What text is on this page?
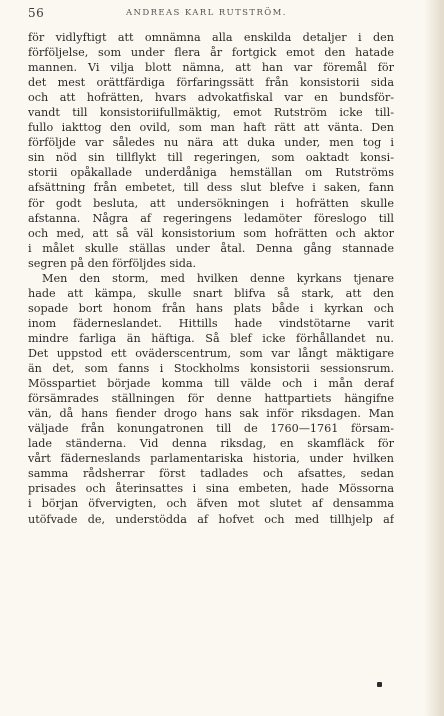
56	ANDREAS KARL RUTSTRÖM.
för vidlyftigt att omnämna alla enskilda detaljer i den
förföljelse, som under flera år fortgick emot den hatade
mannen. Vi vilja blott nämna, att han var föremål för
det mest orättfärdiga förfaringssätt från konsistorii sida
och att hofrätten, hvars advokatfiskal var en bundsför-
vandt till konsistoriifullmäktig, emot Rutström icke till-
fullo iakttog den ovild, som man haft rätt att vänta. Den
förföljde var således nu nära att duka under, men tog i
sin nöd sin tillflykt till regeringen, som oaktadt konsi-
storii opåkallade underdåniga hemställan om Rutströms
afsättning från embetet, till dess slut blefve i saken, fann
för godt besluta, att undersökningen i hofrätten skulle
afstanna. Några af regeringens ledamöter föreslogo till
och med, att så väl konsistorium som hofrätten och aktor
i målet skulle ställas under åtal. Denna gång stannade
segren på den förföljdes sida.
Men den storm, med hvilken denne kyrkans tjenare
hade att kämpa, skulle snart blifva så stark, att den
sopade bort honom från hans plats både i kyrkan och
inom fäderneslandet. Hittills hade vindstötarne varit
mindre farliga än häftiga. Så blef icke förhållandet nu.
Det uppstod ett oväderscentrum, som var långt mäktigare
än det, som fanns i Stockholms konsistorii sessionsrum.
Mösspartiet började komma till välde och i mån deraf
försämrades ställningen för denne hattpartiets hängifne
vän, då hans fiender drogo hans sak inför riksdagen. Man
väljade från konungatronen till de 1760—1761 försam-
lade ständerna. Vid denna riksdag, en skamfläck för
vårt fäderneslands parlamentariska historia, under hvilken
samma rådsherrar först tadlades och afsattes, sedan
prisades och återinsattes i sina embeten, hade Mössorna
i början öfvervigten, och äfven mot slutet af densamma
utöfvade de, understödda af hofvet och med tillhjelp af
